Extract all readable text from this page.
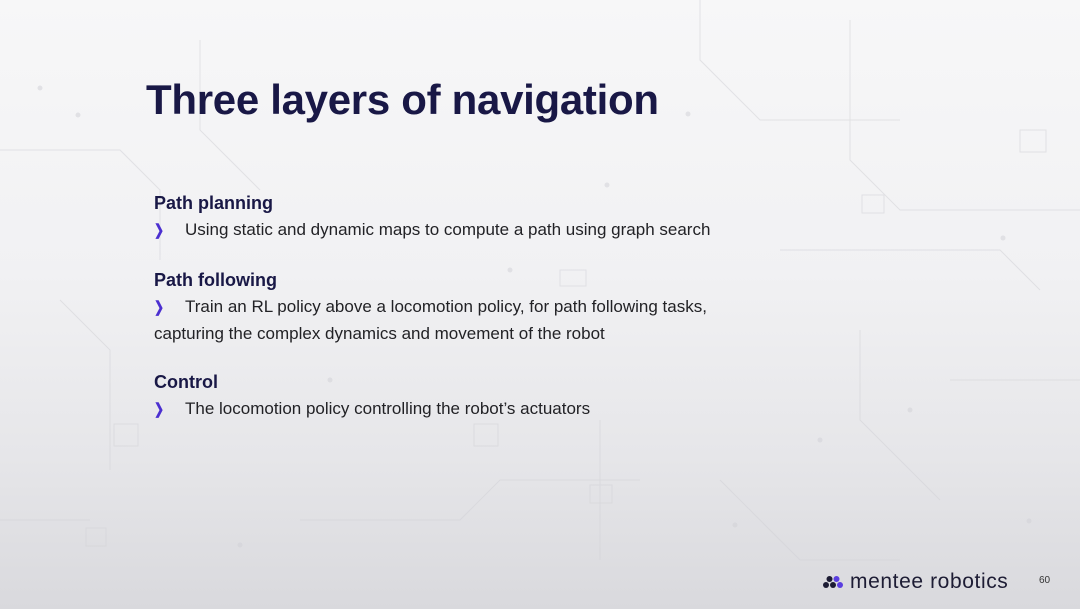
Three layers of navigation
Path planning

❯ Using static and dynamic maps to compute a path using graph search

Path following

❯ Train an RL policy above a locomotion policy, for path following tasks,
capturing the complex dynamics and movement of the robot

Control

❯ The locomotion policy controlling the robot’s actuators

mentee robotics	60
